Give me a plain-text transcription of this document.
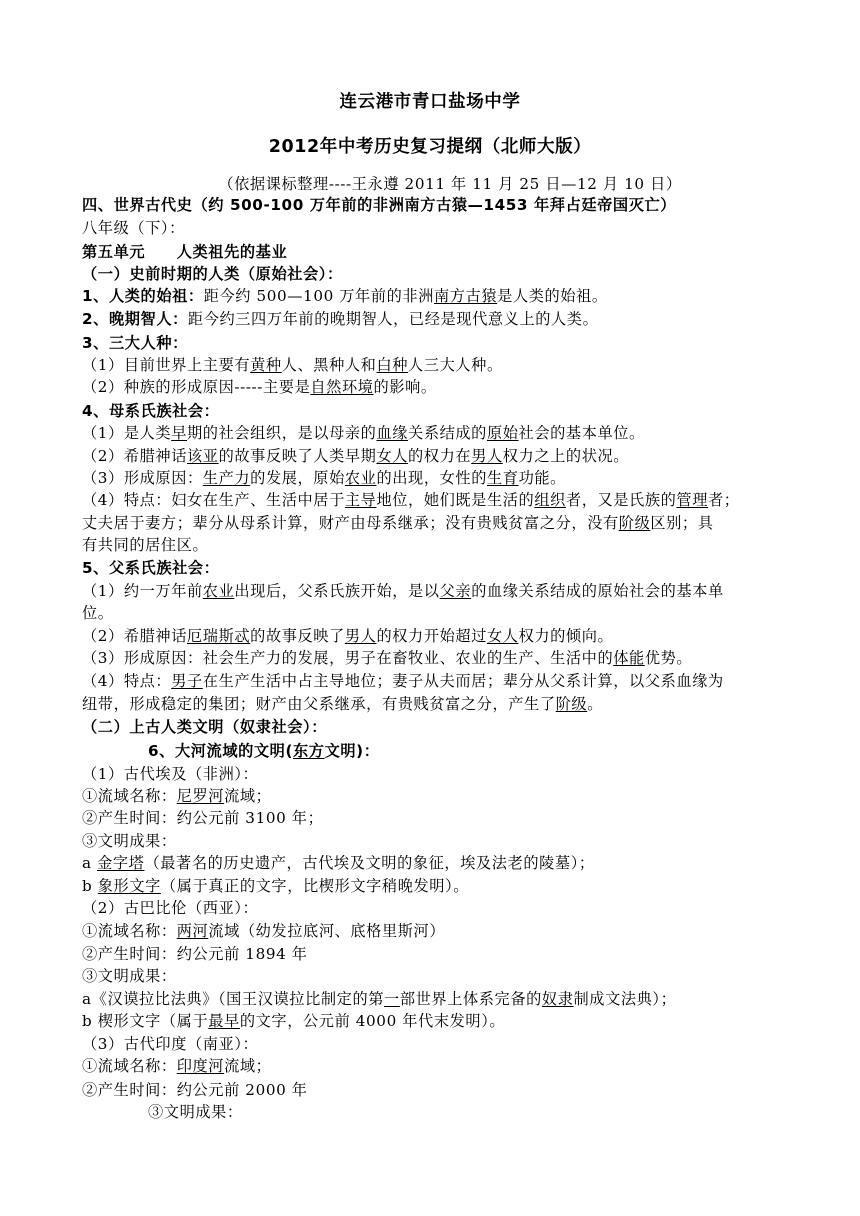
连云港市青口盐场中学
2012年中考历史复习提纲（北师大版）
（依据课标整理----王永遵 2011 年 11 月 25 日—12 月 10 日）
四、世界古代史（约 500-100 万年前的非洲南方古猿—1453 年拜占廷帝国灭亡）
八年级（下）：
第五单元　　人类祖先的基业
（一）史前时期的人类（原始社会）：
1、人类的始祖：距今约 500—100 万年前的非洲南方古猿是人类的始祖。
2、晚期智人：距今约三四万年前的晚期智人，已经是现代意义上的人类。
3、三大人种：
（1）目前世界上主要有黄种人、黑种人和白种人三大人种。
（2）种族的形成原因-----主要是自然环境的影响。
4、母系氏族社会：
（1）是人类早期的社会组织，是以母亲的血缘关系结成的原始社会的基本单位。
（2）希腊神话该亚的故事反映了人类早期女人的权力在男人权力之上的状况。
（3）形成原因：生产力的发展，原始农业的出现，女性的生育功能。
（4）特点：妇女在生产、生活中居于主导地位，她们既是生活的组织者，又是氏族的管理者；
丈夫居于妻方；辈分从母系计算，财产由母系继承；没有贵贱贫富之分，没有阶级区别；具
有共同的居住区。
5、父系氏族社会：
（1）约一万年前农业出现后，父系氏族开始，是以父亲的血缘关系结成的原始社会的基本单
位。
（2）希腊神话厄瑞斯忒的故事反映了男人的权力开始超过女人权力的倾向。
（3）形成原因：社会生产力的发展，男子在畜牧业、农业的生产、生活中的体能优势。
（4）特点：男子在生产生活中占主导地位；妻子从夫而居；辈分从父系计算，以父系血缘为
纽带，形成稳定的集团；财产由父系继承，有贵贱贫富之分，产生了阶级。
（二）上古人类文明（奴隶社会）：
6、大河流域的文明(东方文明)：
（1）古代埃及（非洲）：
①流域名称：尼罗河流域；
②产生时间：约公元前 3100 年；
③文明成果：
a 金字塔（最著名的历史遗产，古代埃及文明的象征，埃及法老的陵墓）；
b 象形文字（属于真正的文字，比楔形文字稍晚发明）。
（2）古巴比伦（西亚）：
①流域名称：两河流域（幼发拉底河、底格里斯河）
②产生时间：约公元前 1894 年
③文明成果：
a《汉谟拉比法典》（国王汉谟拉比制定的第一部世界上体系完备的奴隶制成文法典）；
b 楔形文字（属于最早的文字，公元前 4000 年代末发明）。
（3）古代印度（南亚）：
①流域名称：印度河流域；
②产生时间：约公元前 2000 年
③文明成果：
